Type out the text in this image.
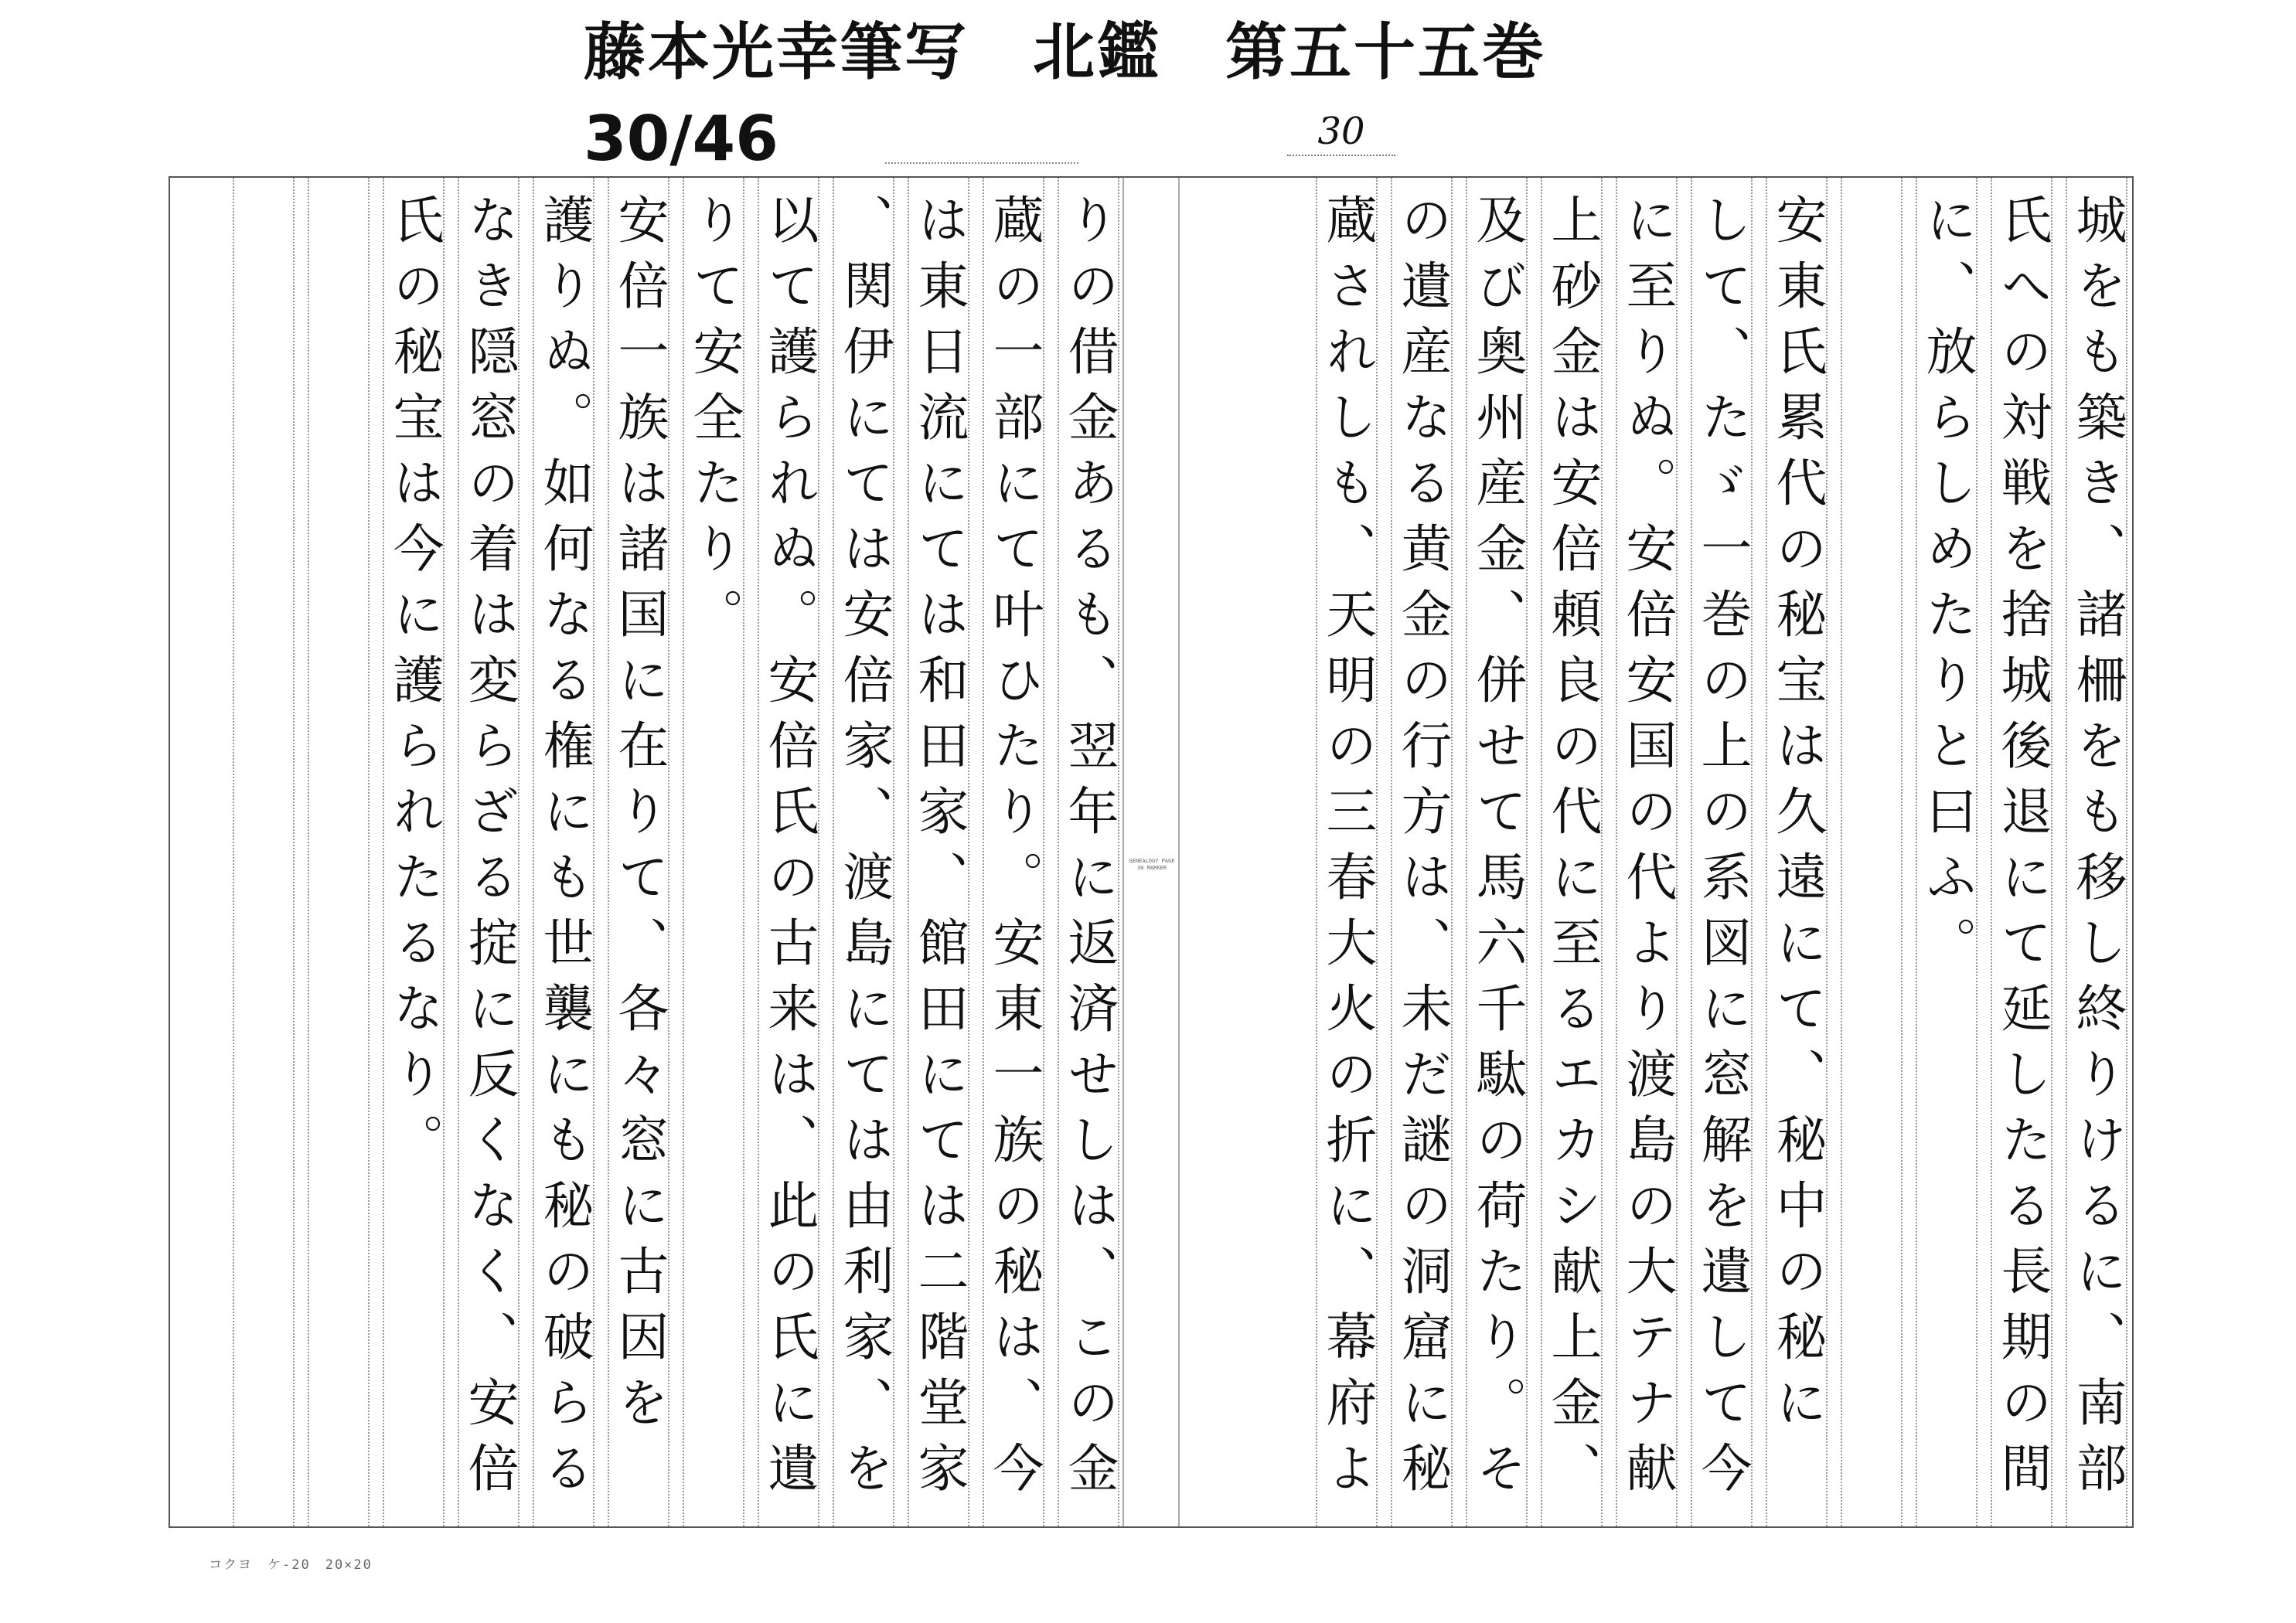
藤本光幸筆写　北鑑　第五十五巻
30/46	30
城をも築き、諸柵をも移し終りけるに、南部
氏への対戦を捨城後退にて延したる長期の間
に、放らしめたりと曰ふ。
安東氏累代の秘宝は久遠にて、秘中の秘に
して、たゞ一巻の上の系図に窓解を遺して今
に至りぬ。安倍安国の代より渡島の大テナ献
上砂金は安倍頼良の代に至るエカシ献上金、
及び奥州産金、併せて馬六千駄の荷たり。そ
の遺産なる黄金の行方は、未だ謎の洞窟に秘
蔵されしも、天明の三春大火の折に、幕府よ
GENEALOGY PAGE 30 MARKER
りの借金あるも、翌年に返済せしは、この金
蔵の一部にて叶ひたり。安東一族の秘は、今
は東日流にては和田家、館田にては二階堂家
、関伊にては安倍家、渡島にては由利家、を
以て護られぬ。安倍氏の古来は、此の氏に遺
りて安全たり。
安倍一族は諸国に在りて、各々窓に古因を
護りぬ。如何なる権にも世襲にも秘の破らる
なき隠窓の着は変らざる掟に反くなく、安倍
氏の秘宝は今に護られたるなり。
コクヨ　ケ-20　20×20
